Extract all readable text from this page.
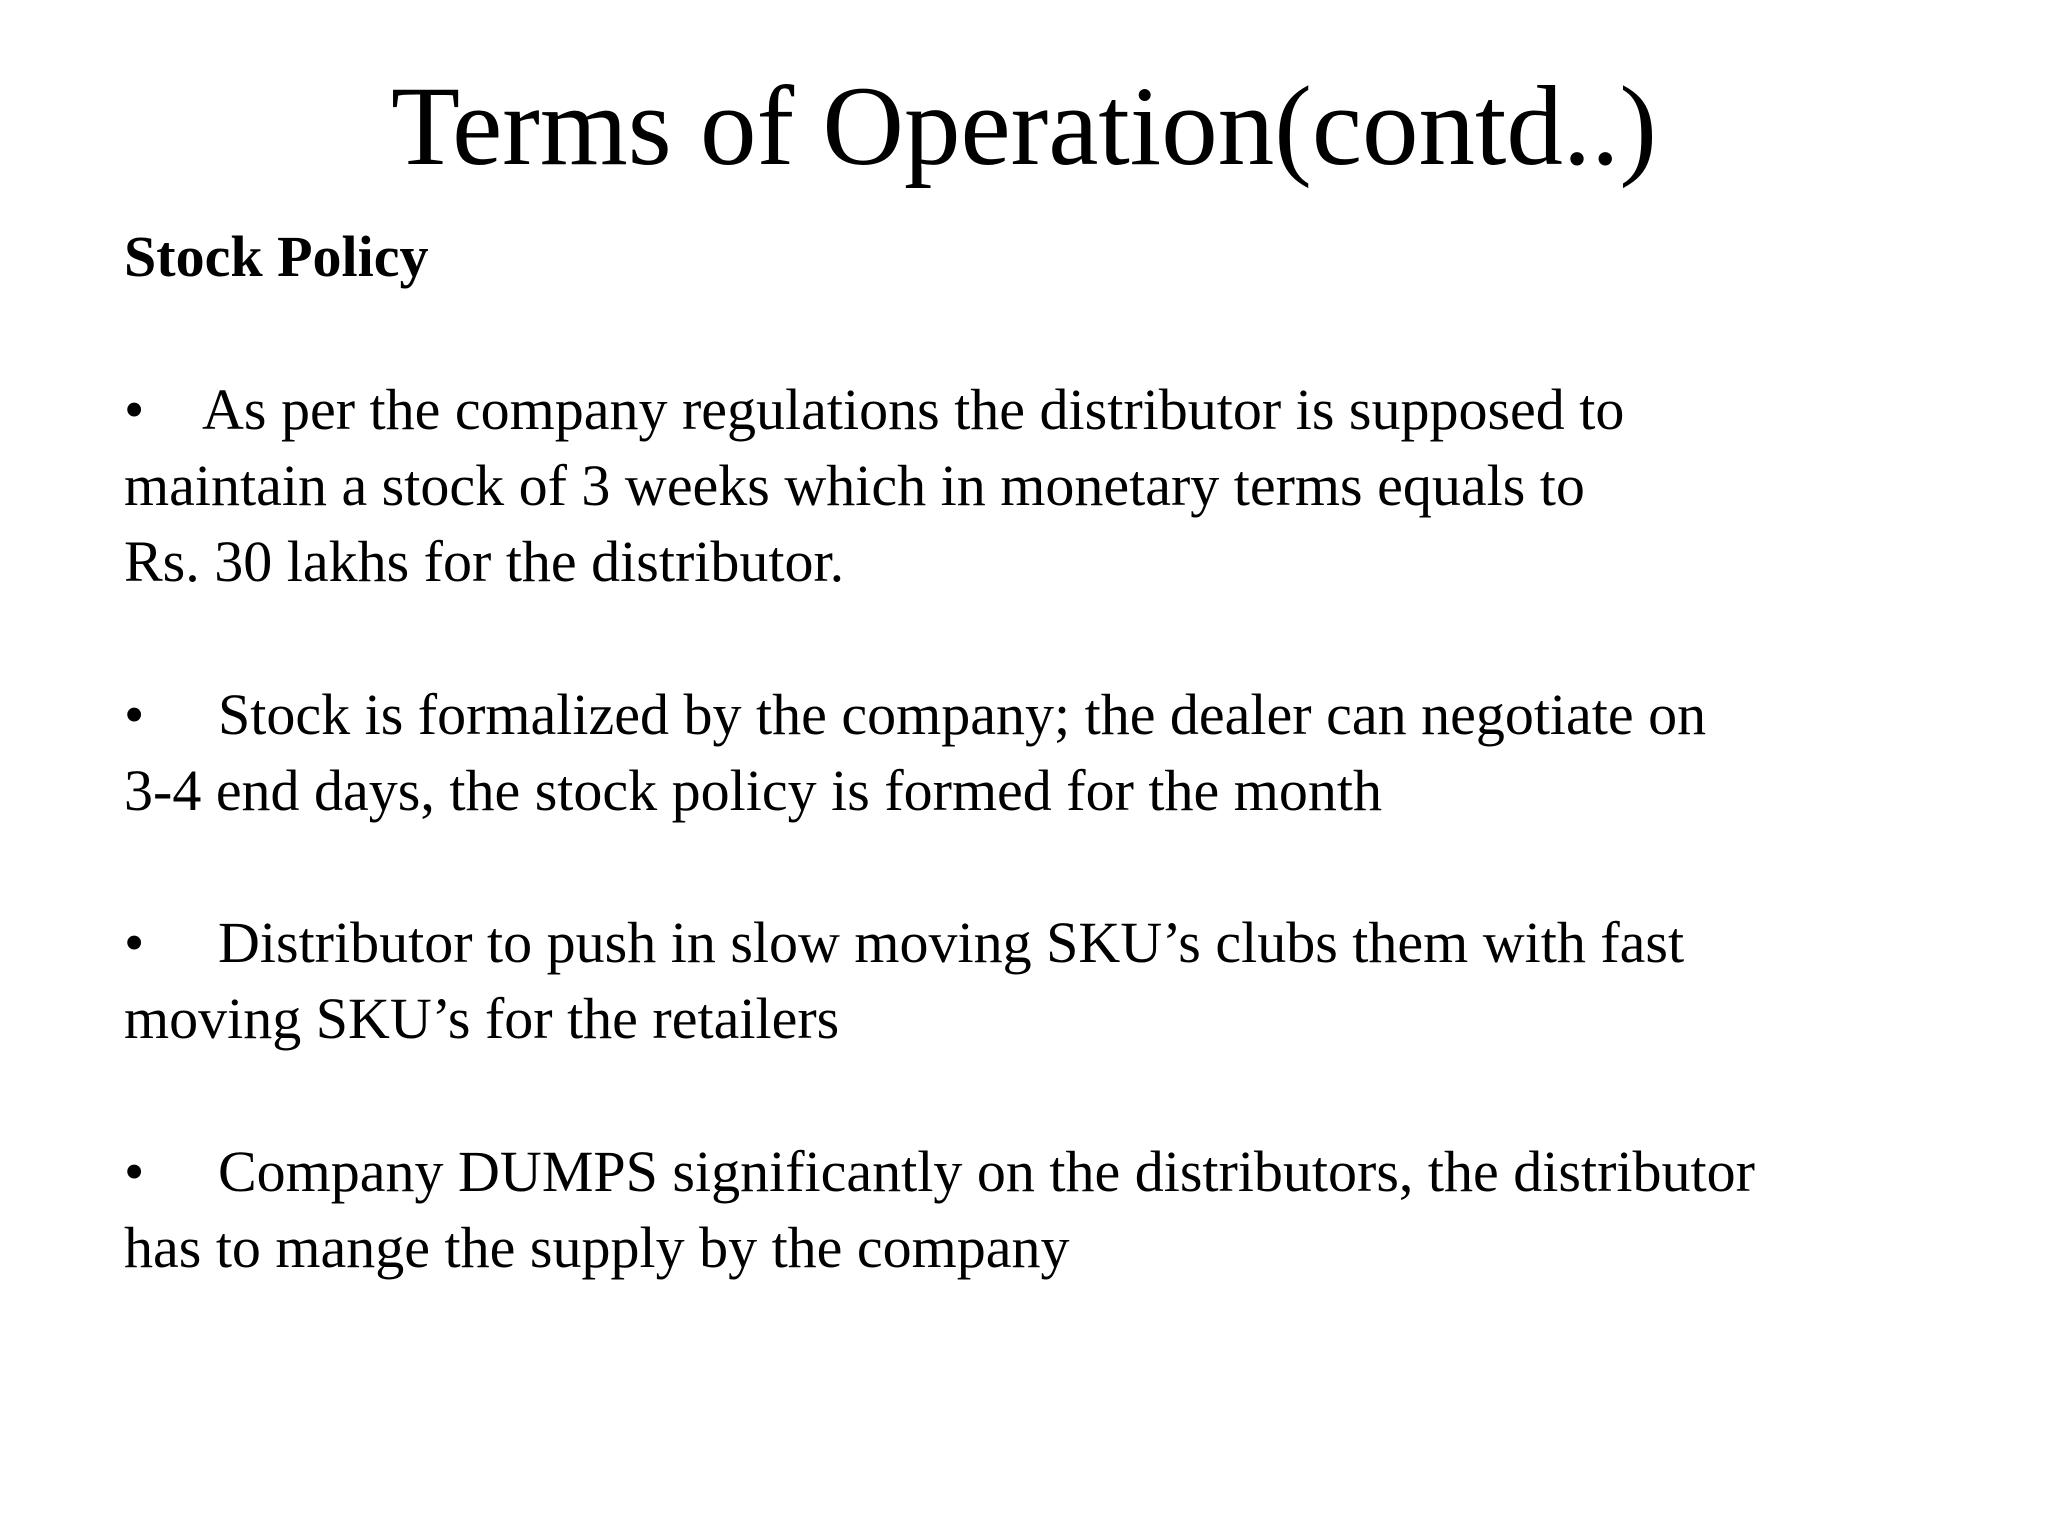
Terms of Operation(contd..)
Stock Policy
• As per the company regulations the distributor is supposed to
maintain a stock of 3 weeks which in monetary terms equals to
Rs. 30 lakhs for the distributor.
• Stock is formalized by the company; the dealer can negotiate on
3-4 end days, the stock policy is formed for the month
• Distributor to push in slow moving SKU’s clubs them with fast
moving SKU’s for the retailers
• Company DUMPS significantly on the distributors, the distributor
has to mange the supply by the company
